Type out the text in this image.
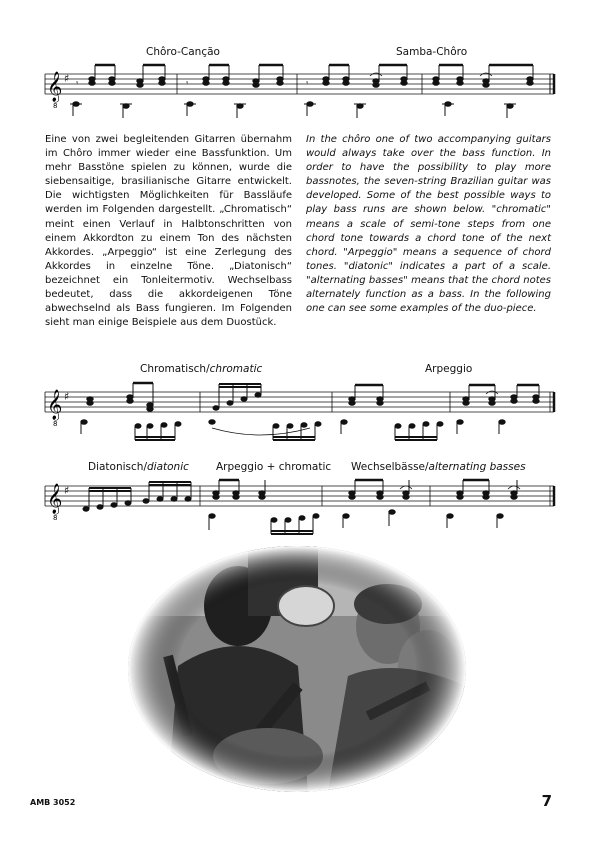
Chôro-Canção	Samba-Chôro
𝄞
8
♯ 𝄾	𝄾	𝄾

Eine von zwei begleitenden Gitarren übernahm im Chôro immer wieder eine Bassfunktion. Um mehr Basstöne spielen zu können, wurde die siebensaitige, brasilianische Gitarre entwickelt. Die wichtigsten Möglichkeiten für Bassläufe werden im Folgenden dargestellt. „Chromatisch“ meint einen Verlauf in Halbtonschritten von einem Akkordton zu einem Ton des nächsten Akkordes. „Arpeggio“ ist eine Zerlegung des Akkordes in einzelne Töne. „Diatonisch“ bezeichnet ein Tonleitermotiv. Wechselbass bedeutet, dass die akkordeigenen Töne abwechselnd als Bass fungieren. Im Folgenden sieht man einige Beispiele aus dem Duostück.

In the chôro one of two accompanying guitars would always take over the bass function. In order to have the possibility to play more bassnotes, the seven-string Brazilian guitar was developed. Some of the best possible ways to play bass runs are shown below. "chromatic" means a scale of semi-tone steps from one chord tone towards a chord tone of the next chord. "Arpeggio" means a sequence of chord tones. "diatonic" indicates a part of a scale. "alternating basses" means that the chord notes alternately function as a bass. In the following one can see some examples of the duo-piece.

Chromatisch/chromatic	Arpeggio
𝄞
8
♯
Diatonisch/diatonic	Arpeggio + chromatic Wechselbässe/alternating basses
𝄞
8
♯
AMB 3052	7
